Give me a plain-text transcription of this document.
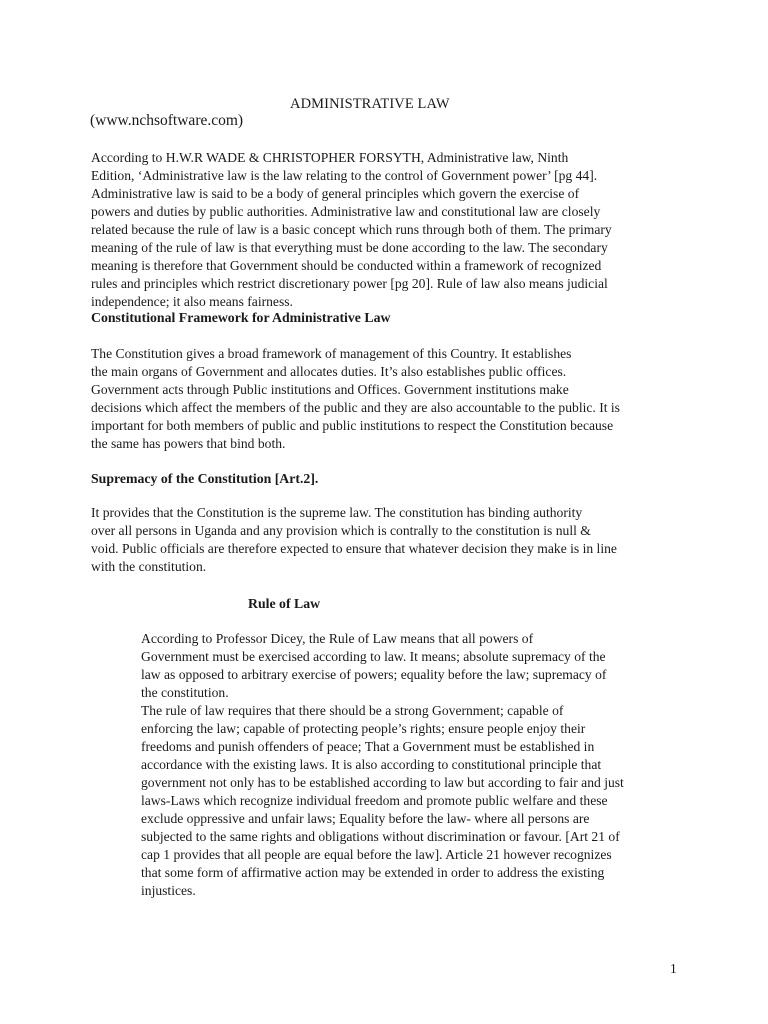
ADMINISTRATIVE LAW
(www.nchsoftware.com)

According to H.W.R WADE & CHRISTOPHER FORSYTH, Administrative law, Ninth
Edition, ‘Administrative law is the law relating to the control of Government power’ [pg 44].
Administrative law is said to be a body of general principles which govern the exercise of
powers and duties by public authorities. Administrative law and constitutional law are closely
related because the rule of law is a basic concept which runs through both of them. The primary
meaning of the rule of law is that everything must be done according to the law. The secondary
meaning is therefore that Government should be conducted within a framework of recognized
rules and principles which restrict discretionary power [pg 20]. Rule of law also means judicial
independence; it also means fairness.

Constitutional Framework for Administrative Law

The Constitution gives a broad framework of management of this Country. It establishes
the main organs of Government and allocates duties. It’s also establishes public offices.
Government acts through Public institutions and Offices. Government institutions make
decisions which affect the members of the public and they are also accountable to the public. It is
important for both members of public and public institutions to respect the Constitution because
the same has powers that bind both.

Supremacy of the Constitution [Art.2].

It provides that the Constitution is the supreme law. The constitution has binding authority
over all persons in Uganda and any provision which is contrally to the constitution is null &
void. Public officials are therefore expected to ensure that whatever decision they make is in line
with the constitution.

Rule of Law

According to Professor Dicey, the Rule of Law means that all powers of
Government must be exercised according to law. It means; absolute supremacy of the
law as opposed to arbitrary exercise of powers; equality before the law; supremacy of
the constitution.

The rule of law requires that there should be a strong Government; capable of
enforcing the law; capable of protecting people’s rights; ensure people enjoy their
freedoms and punish offenders of peace; That a Government must be established in
accordance with the existing laws. It is also according to constitutional principle that
government not only has to be established according to law but according to fair and just
laws-Laws which recognize individual freedom and promote public welfare and these
exclude oppressive and unfair laws; Equality before the law- where all persons are
subjected to the same rights and obligations without discrimination or favour. [Art 21 of
cap 1 provides that all people are equal before the law]. Article 21 however recognizes
that some form of affirmative action may be extended in order to address the existing
injustices.

1
